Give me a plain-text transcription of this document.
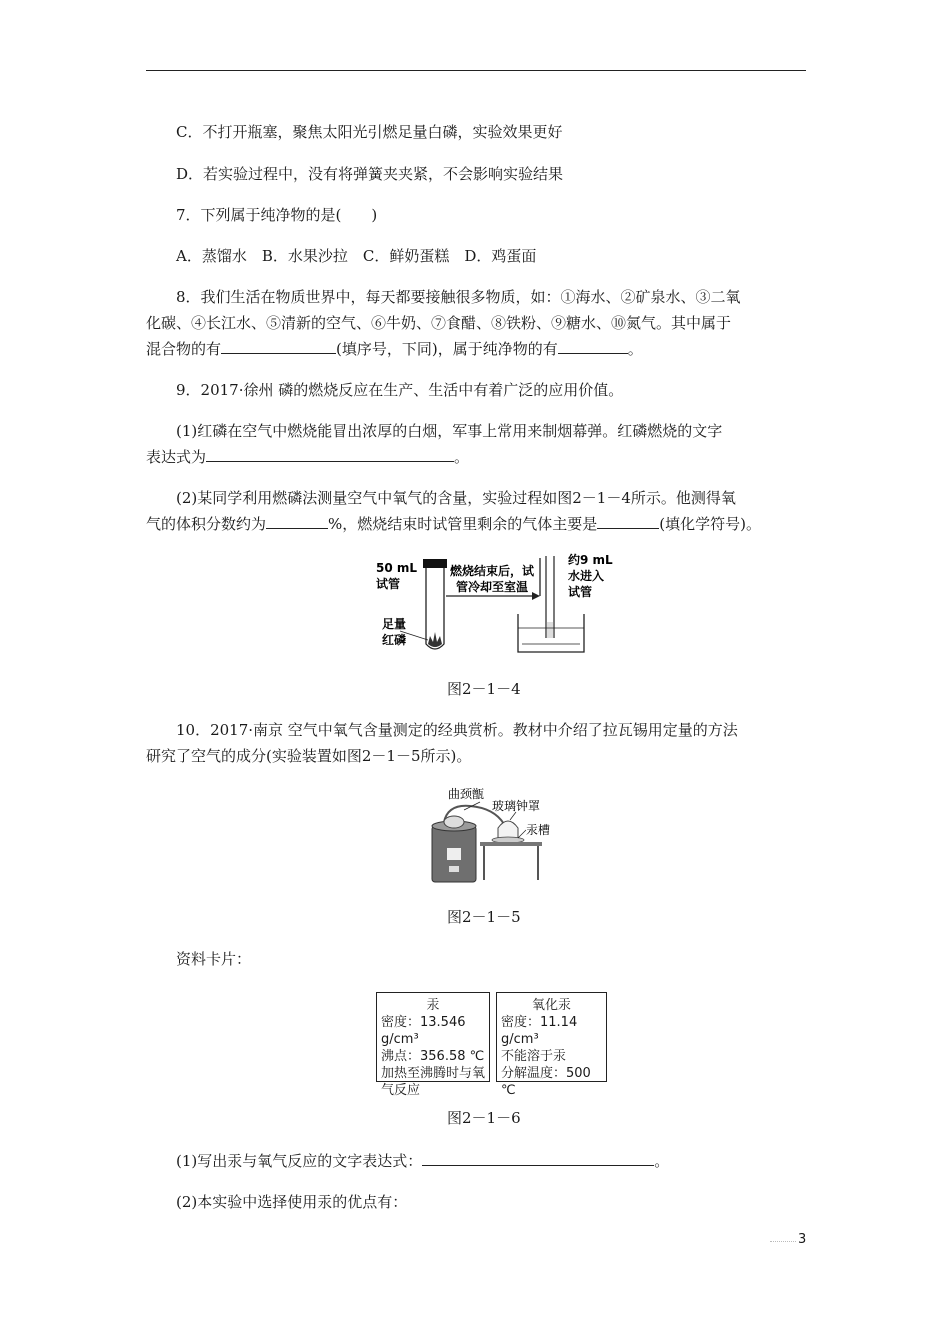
C．不打开瓶塞，聚焦太阳光引燃足量白磷，实验效果更好
D．若实验过程中，没有将弹簧夹夹紧，不会影响实验结果
7．下列属于纯净物的是(　　)
A．蒸馏水　B．水果沙拉　C．鲜奶蛋糕　D．鸡蛋面
8．我们生活在物质世界中，每天都要接触很多物质，如：①海水、②矿泉水、③二氧
化碳、④长江水、⑤清新的空气、⑥牛奶、⑦食醋、⑧铁粉、⑨糖水、⑩氮气。其中属于
混合物的有	(填序号，下同)，属于纯净物的有	。
9．2017·徐州 磷的燃烧反应在生产、生活中有着广泛的应用价值。
(1)红磷在空气中燃烧能冒出浓厚的白烟，军事上常用来制烟幕弹。红磷燃烧的文字
表达式为	。
(2)某同学利用燃磷法测量空气中氧气的含量，实验过程如图2－1－4所示。他测得氧
气的体积分数约为	%，燃烧结束时试管里剩余的气体主要是	(填化学符号)。
50 mL
试管
足量
红磷
燃烧结束后，试
管冷却至室温
约9 mL
水进入
试管
图2－1－4
10．2017·南京 空气中氧气含量测定的经典赏析。教材中介绍了拉瓦锡用定量的方法
研究了空气的成分(实验装置如图2－1－5所示)。
曲颈甑
玻璃钟罩
汞槽
图2－1－5
资料卡片：
汞
密度：13.546 g/cm³
沸点：356.58 ℃
加热至沸腾时与氧
气反应
氧化汞
密度：11.14 g/cm³
不能溶于汞
分解温度：500 ℃
图2－1－6
(1)写出汞与氧气反应的文字表达式：	。
(2)本实验中选择使用汞的优点有：
3
